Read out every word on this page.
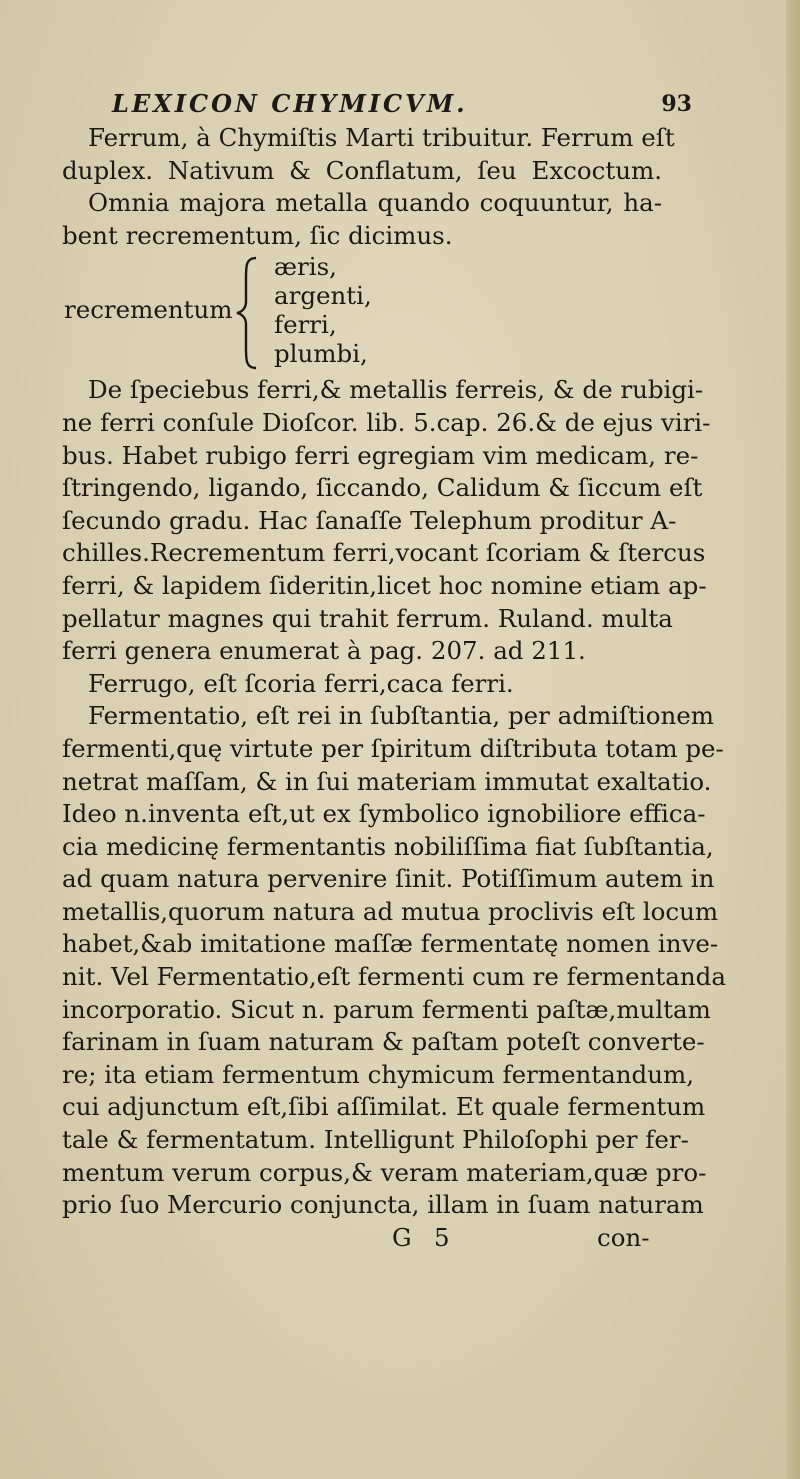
LEXICON CHYMICVM.	93
Ferrum, à Chymiſtis Marti tribuitur. Ferrum eſt
duplex. Nativum & Conflatum, ſeu Excoctum.
Omnia majora metalla quando coquuntur, ha-
bent recrementum, ſic dicimus.
recrementum
æris,
argenti,
ferri,
plumbi,
De ſpeciebus ferri,& metallis ferreis, & de rubigi-
ne ferri conſule Dioſcor. lib. 5.cap. 26.& de ejus viri-
bus. Habet rubigo ferri egregiam vim medicam, re-
ſtringendo, ligando, ſiccando, Calidum & ſiccum eſt
ſecundo gradu. Hac ſanaſſe Telephum proditur A-
chilles.Recrementum ferri,vocant ſcoriam & ſtercus
ferri, & lapidem ſideritin,licet hoc nomine etiam ap-
pellatur magnes qui trahit ferrum. Ruland. multa
ferri genera enumerat à pag. 207. ad 211.
Ferrugo, eſt ſcoria ferri,caca ferri.
Fermentatio, eſt rei in ſubſtantia, per admiſtionem
fermenti,quę virtute per ſpiritum diſtributa totam pe-
netrat maſſam, & in ſui materiam immutat exaltatio.
Ideo n.inventa eſt,ut ex ſymbolico ignobiliore effica-
cia medicinę fermentantis nobiliſſima fiat ſubſtantia,
ad quam natura pervenire ſinit. Potiſſimum autem in
metallis,quorum natura ad mutua proclivis eſt locum
habet,&ab imitatione maſſæ fermentatę nomen inve-
nit. Vel Fermentatio,eſt fermenti cum re fermentanda
incorporatio. Sicut n. parum fermenti paſtæ,multam
farinam in ſuam naturam & paſtam poteſt converte-
re; ita etiam fermentum chymicum fermentandum,
cui adjunctum eſt,ſibi aſſimilat. Et quale fermentum
tale & fermentatum. Intelligunt Philoſophi per fer-
mentum verum corpus,& veram materiam,quæ pro-
prio ſuo Mercurio conjuncta, illam in ſuam naturam
G 5	con-
